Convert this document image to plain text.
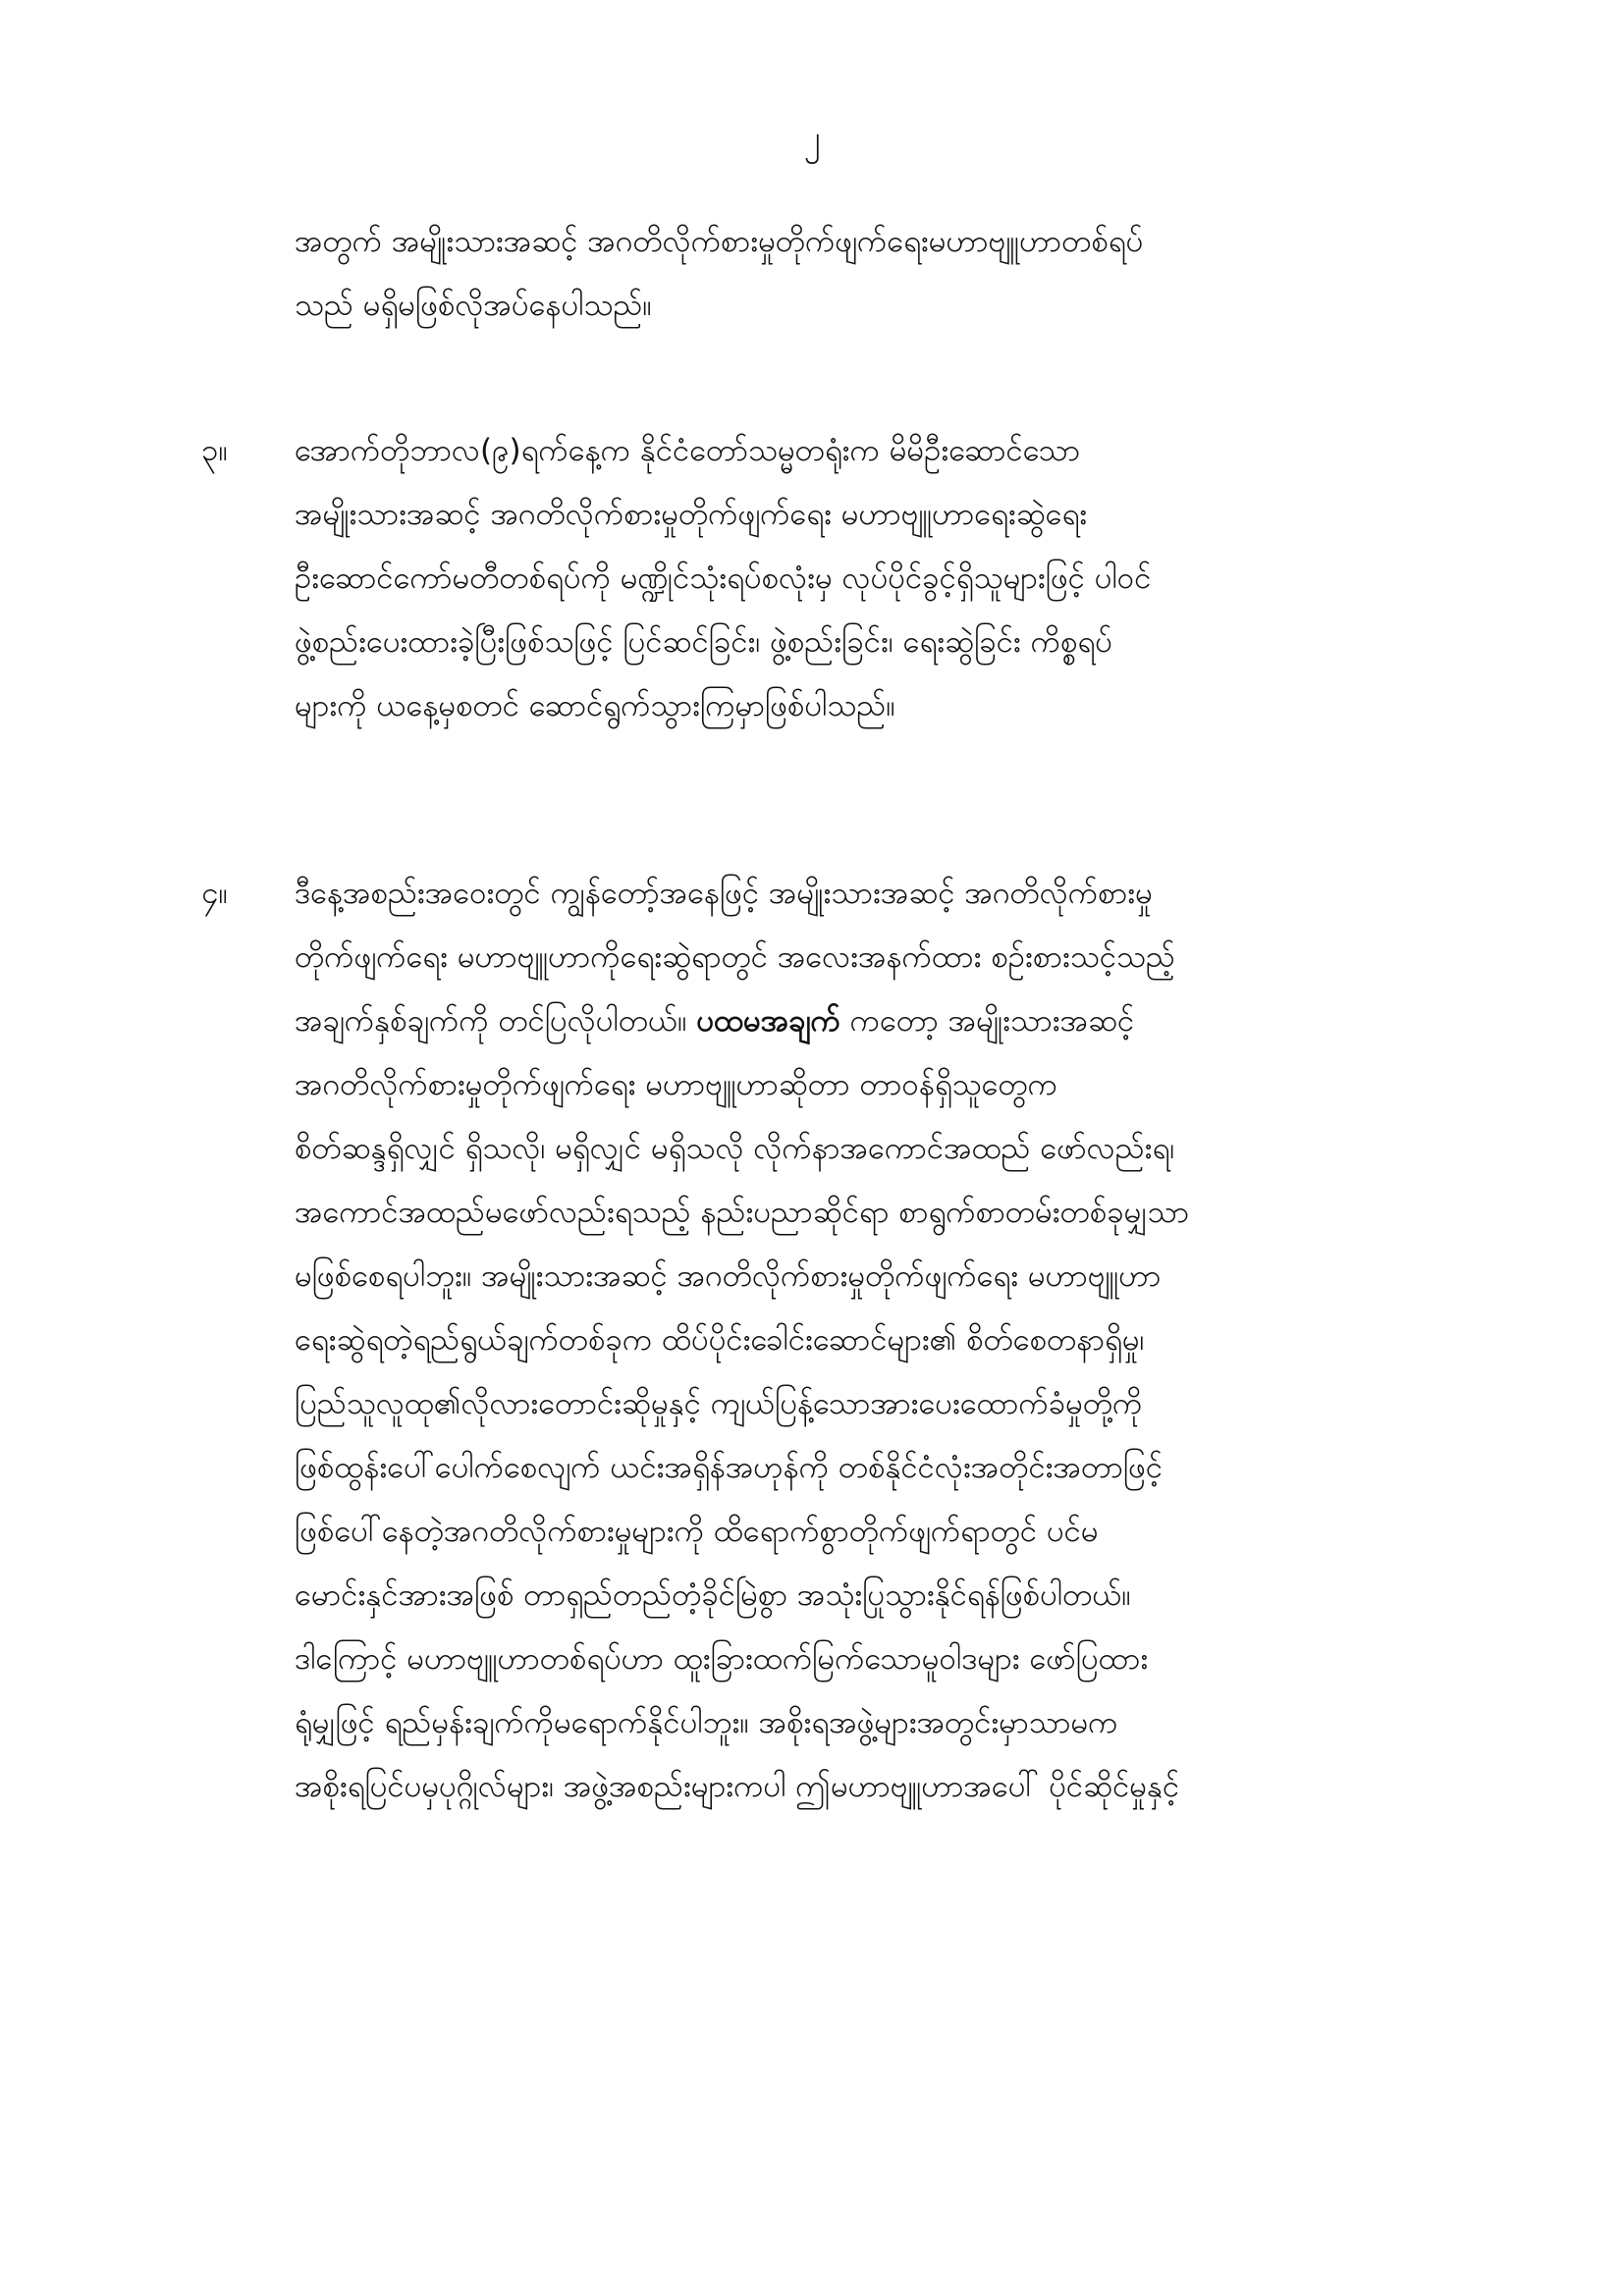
၂
အတွက် အမျိုးသားအဆင့် အဂတိလိုက်စားမှုတိုက်ဖျက်ရေးမဟာဗျူဟာတစ်ရပ်
သည် မရှိမဖြစ်လိုအပ်နေပါသည်။
၃။ အောက်တိုဘာလ(၉)ရက်နေ့က နိုင်ငံတော်သမ္မတရုံးက မိမိဦးဆောင်သော
အမျိုးသားအဆင့် အဂတိလိုက်စားမှုတိုက်ဖျက်ရေး မဟာဗျူဟာရေးဆွဲရေး
ဦးဆောင်ကော်မတီတစ်ရပ်ကို မဏ္ဍိုင်သုံးရပ်စလုံးမှ လုပ်ပိုင်ခွင့်ရှိသူများဖြင့် ပါဝင်
ဖွဲ့စည်းပေးထားခဲ့ပြီးဖြစ်သဖြင့် ပြင်ဆင်ခြင်း၊ ဖွဲ့စည်းခြင်း၊ ရေးဆွဲခြင်း ကိစ္စရပ်
များကို ယနေ့မှစတင် ဆောင်ရွက်သွားကြမှာဖြစ်ပါသည်။
၄။ ဒီနေ့အစည်းအဝေးတွင် ကျွန်တော့်အနေဖြင့် အမျိုးသားအဆင့် အဂတိလိုက်စားမှု
တိုက်ဖျက်ရေး မဟာဗျူဟာကိုရေးဆွဲရာတွင် အလေးအနက်ထား စဉ်းစားသင့်သည့်
အချက်နှစ်ချက်ကို တင်ပြလိုပါတယ်။ ပထမအချက် ကတော့ အမျိုးသားအဆင့်
အဂတိလိုက်စားမှုတိုက်ဖျက်ရေး မဟာဗျူဟာဆိုတာ တာဝန်ရှိသူတွေက
စိတ်ဆန္ဒရှိလျှင် ရှိသလို၊ မရှိလျှင် မရှိသလို လိုက်နာအကောင်အထည် ဖော်လည်းရ၊
အကောင်အထည်မဖော်လည်းရသည့် နည်းပညာဆိုင်ရာ စာရွက်စာတမ်းတစ်ခုမျှသာ
မဖြစ်စေရပါဘူး။ အမျိုးသားအဆင့် အဂတိလိုက်စားမှုတိုက်ဖျက်ရေး မဟာဗျူဟာ
ရေးဆွဲရတဲ့ရည်ရွယ်ချက်တစ်ခုက ထိပ်ပိုင်းခေါင်းဆောင်များ၏ စိတ်စေတနာရှိမှု၊
ပြည်သူလူထု၏လိုလားတောင်းဆိုမှုနှင့် ကျယ်ပြန့်သောအားပေးထောက်ခံမှုတို့ကို
ဖြစ်ထွန်းပေါ်ပေါက်စေလျက် ယင်းအရှိန်အဟုန်ကို တစ်နိုင်ငံလုံးအတိုင်းအတာဖြင့်
ဖြစ်ပေါ်နေတဲ့အဂတိလိုက်စားမှုများကို ထိရောက်စွာတိုက်ဖျက်ရာတွင် ပင်မ
မောင်းနှင်အားအဖြစ် တာရှည်တည်တံ့ခိုင်မြဲစွာ အသုံးပြုသွားနိုင်ရန်ဖြစ်ပါတယ်။
ဒါကြောင့် မဟာဗျူဟာတစ်ရပ်ဟာ ထူးခြားထက်မြက်သောမူဝါဒများ ဖော်ပြထား
ရုံမျှဖြင့် ရည်မှန်းချက်ကိုမရောက်နိုင်ပါဘူး။ အစိုးရအဖွဲ့များအတွင်းမှာသာမက
အစိုးရပြင်ပမှပုဂ္ဂိုလ်များ၊ အဖွဲ့အစည်းများကပါ ဤမဟာဗျူဟာအပေါ် ပိုင်ဆိုင်မှုနှင့်
